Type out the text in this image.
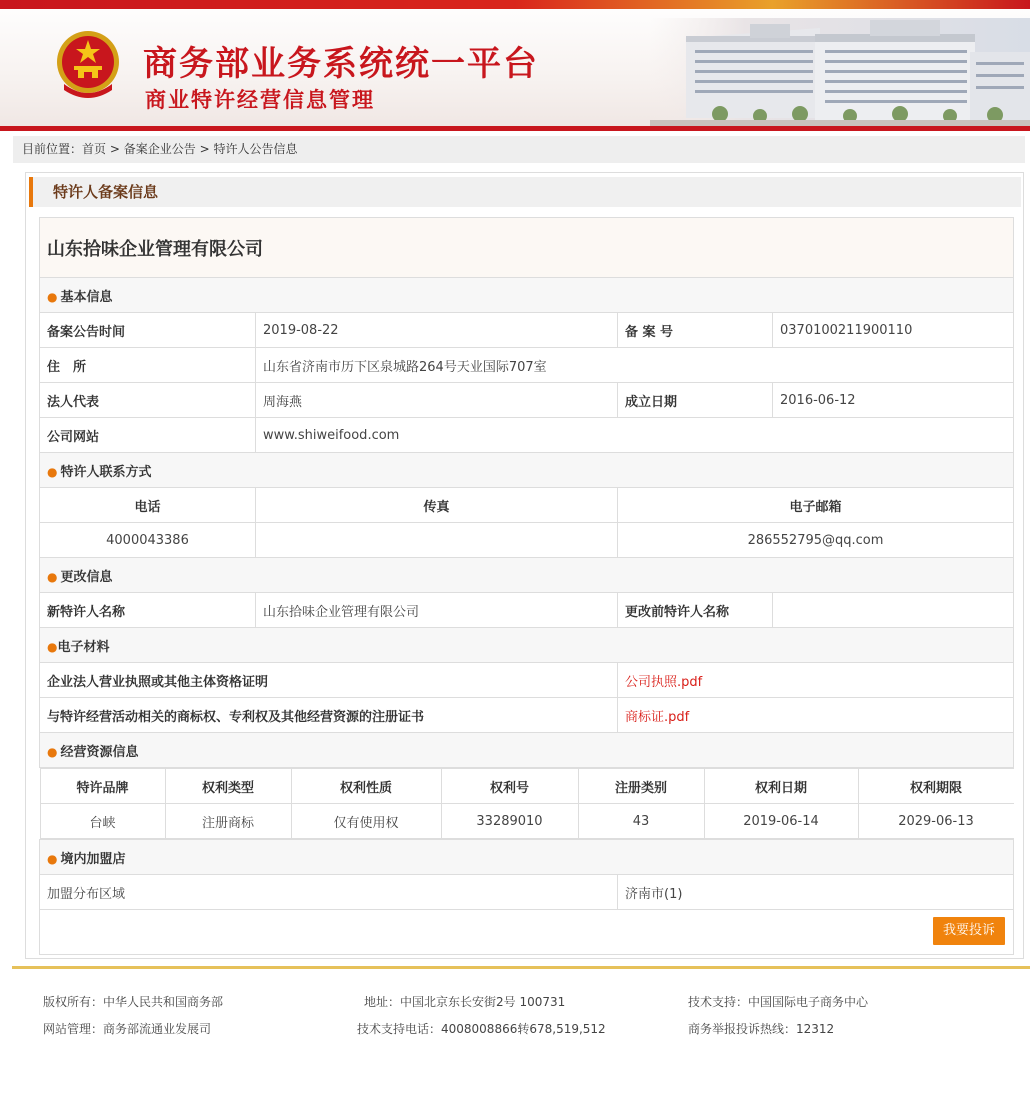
商务部业务系统统一平台
商业特许经营信息管理
目前位置：首页 > 备案企业公告 > 特许人公告信息
特许人备案信息
山东拾味企业管理有限公司
● 基本信息
备案公告时间	2019-08-22	备 案 号	0370100211900110
住　所	山东省济南市历下区泉城路264号天业国际707室
法人代表	周海燕	成立日期	2016-06-12
公司网站	www.shiweifood.com
● 特许人联系方式
电话	传真	电子邮箱
4000043386		286552795@qq.com
● 更改信息
新特许人名称	山东拾味企业管理有限公司	更改前特许人名称	
●电子材料
企业法人营业执照或其他主体资格证明	公司执照.pdf
与特许经营活动相关的商标权、专利权及其他经营资源的注册证书	商标证.pdf
● 经营资源信息

特许品牌	权利类型	权利性质	权利号	注册类别	权利日期	权利期限
台峡	注册商标	仅有使用权	33289010	43	2019-06-14	2029-06-13

● 境内加盟店
加盟分布区域	济南市(1)

我要投诉
版权所有：中华人民共和国商务部	地址：中国北京东长安街2号 100731	技术支持：中国国际电子商务中心
网站管理：商务部流通业发展司	技术支持电话：4008008866转678,519,512	商务举报投诉热线：12312
